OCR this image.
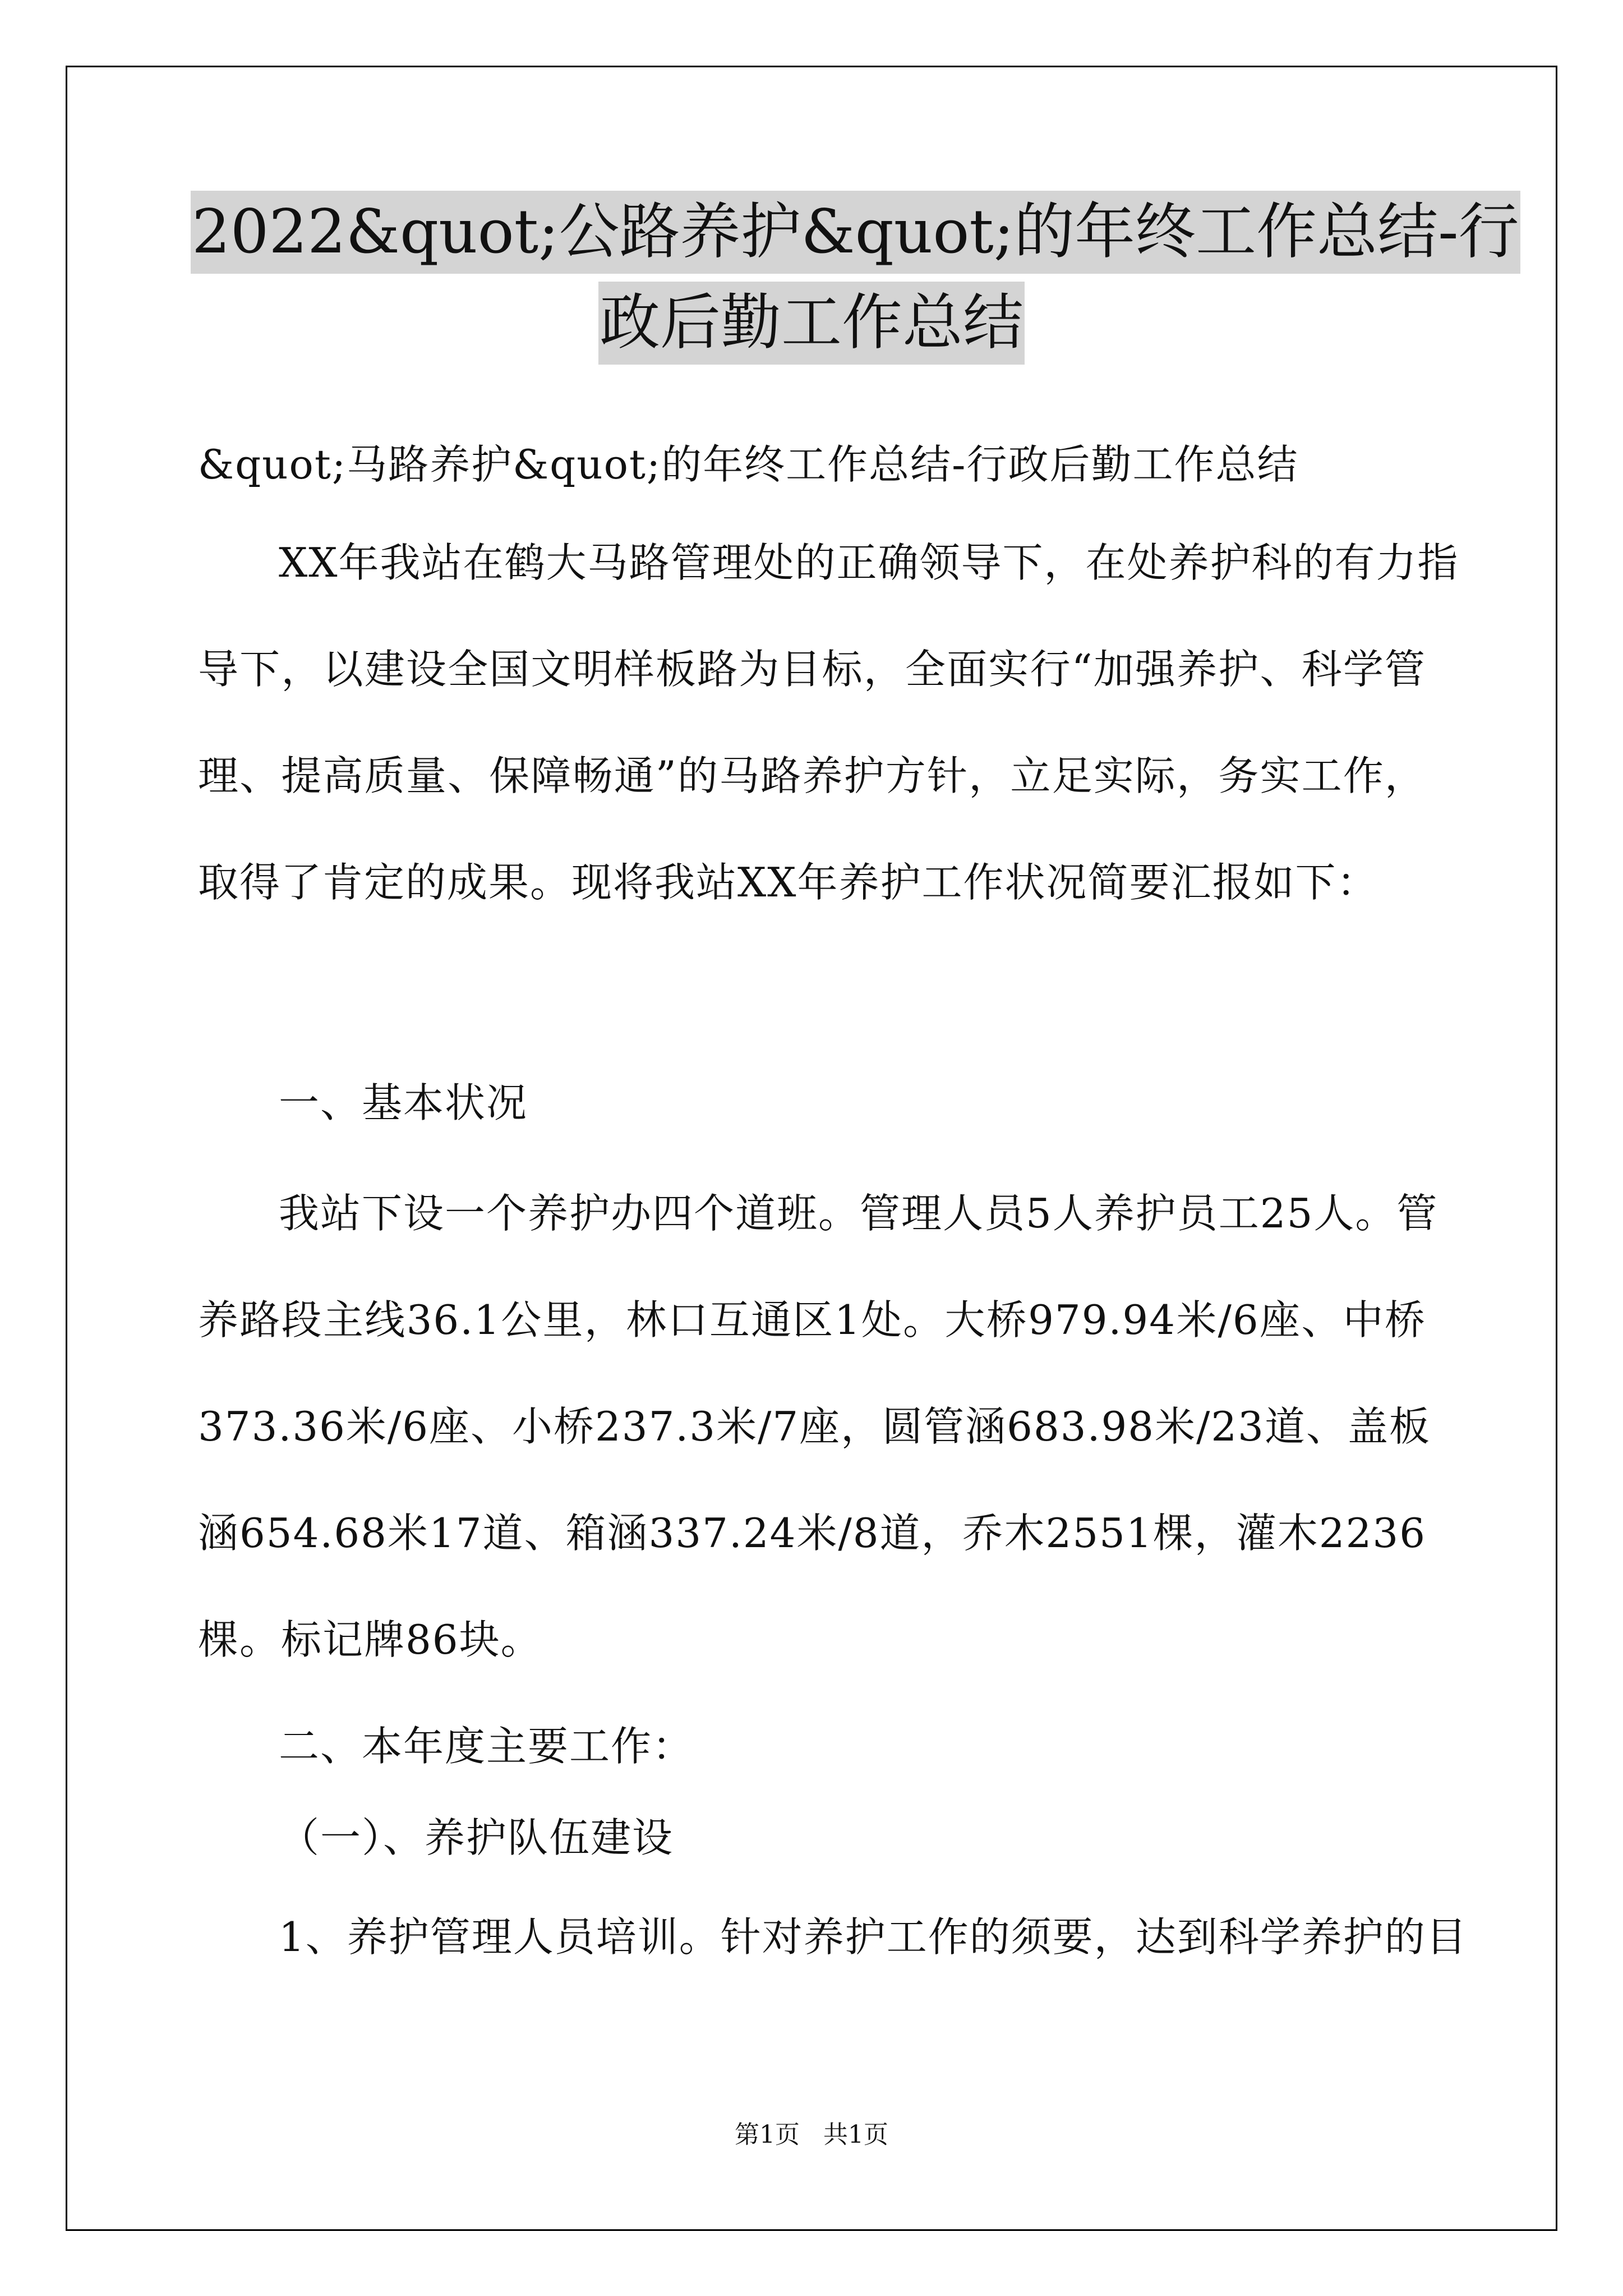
2022&quot;公路养护&quot;的年终工作总结-行
政后勤工作总结
&quot;马路养护&quot;的年终工作总结-行政后勤工作总结
XX年我站在鹤大马路管理处的正确领导下，在处养护科的有力指
导下，以建设全国文明样板路为目标，全面实行“加强养护、科学管
理、提高质量、保障畅通”的马路养护方针，立足实际，务实工作，
取得了肯定的成果。现将我站XX年养护工作状况简要汇报如下：
一、基本状况
我站下设一个养护办四个道班。管理人员5人养护员工25人。管
养路段主线36.1公里，林口互通区1处。大桥979.94米/6座、中桥
373.36米/6座、小桥237.3米/7座，圆管涵683.98米/23道、盖板
涵654.68米17道、箱涵337.24米/8道，乔木2551棵，灌木2236
棵。标记牌86块。
二、本年度主要工作：
（一）、养护队伍建设
1、养护管理人员培训。针对养护工作的须要，达到科学养护的目
第1页   共1页
